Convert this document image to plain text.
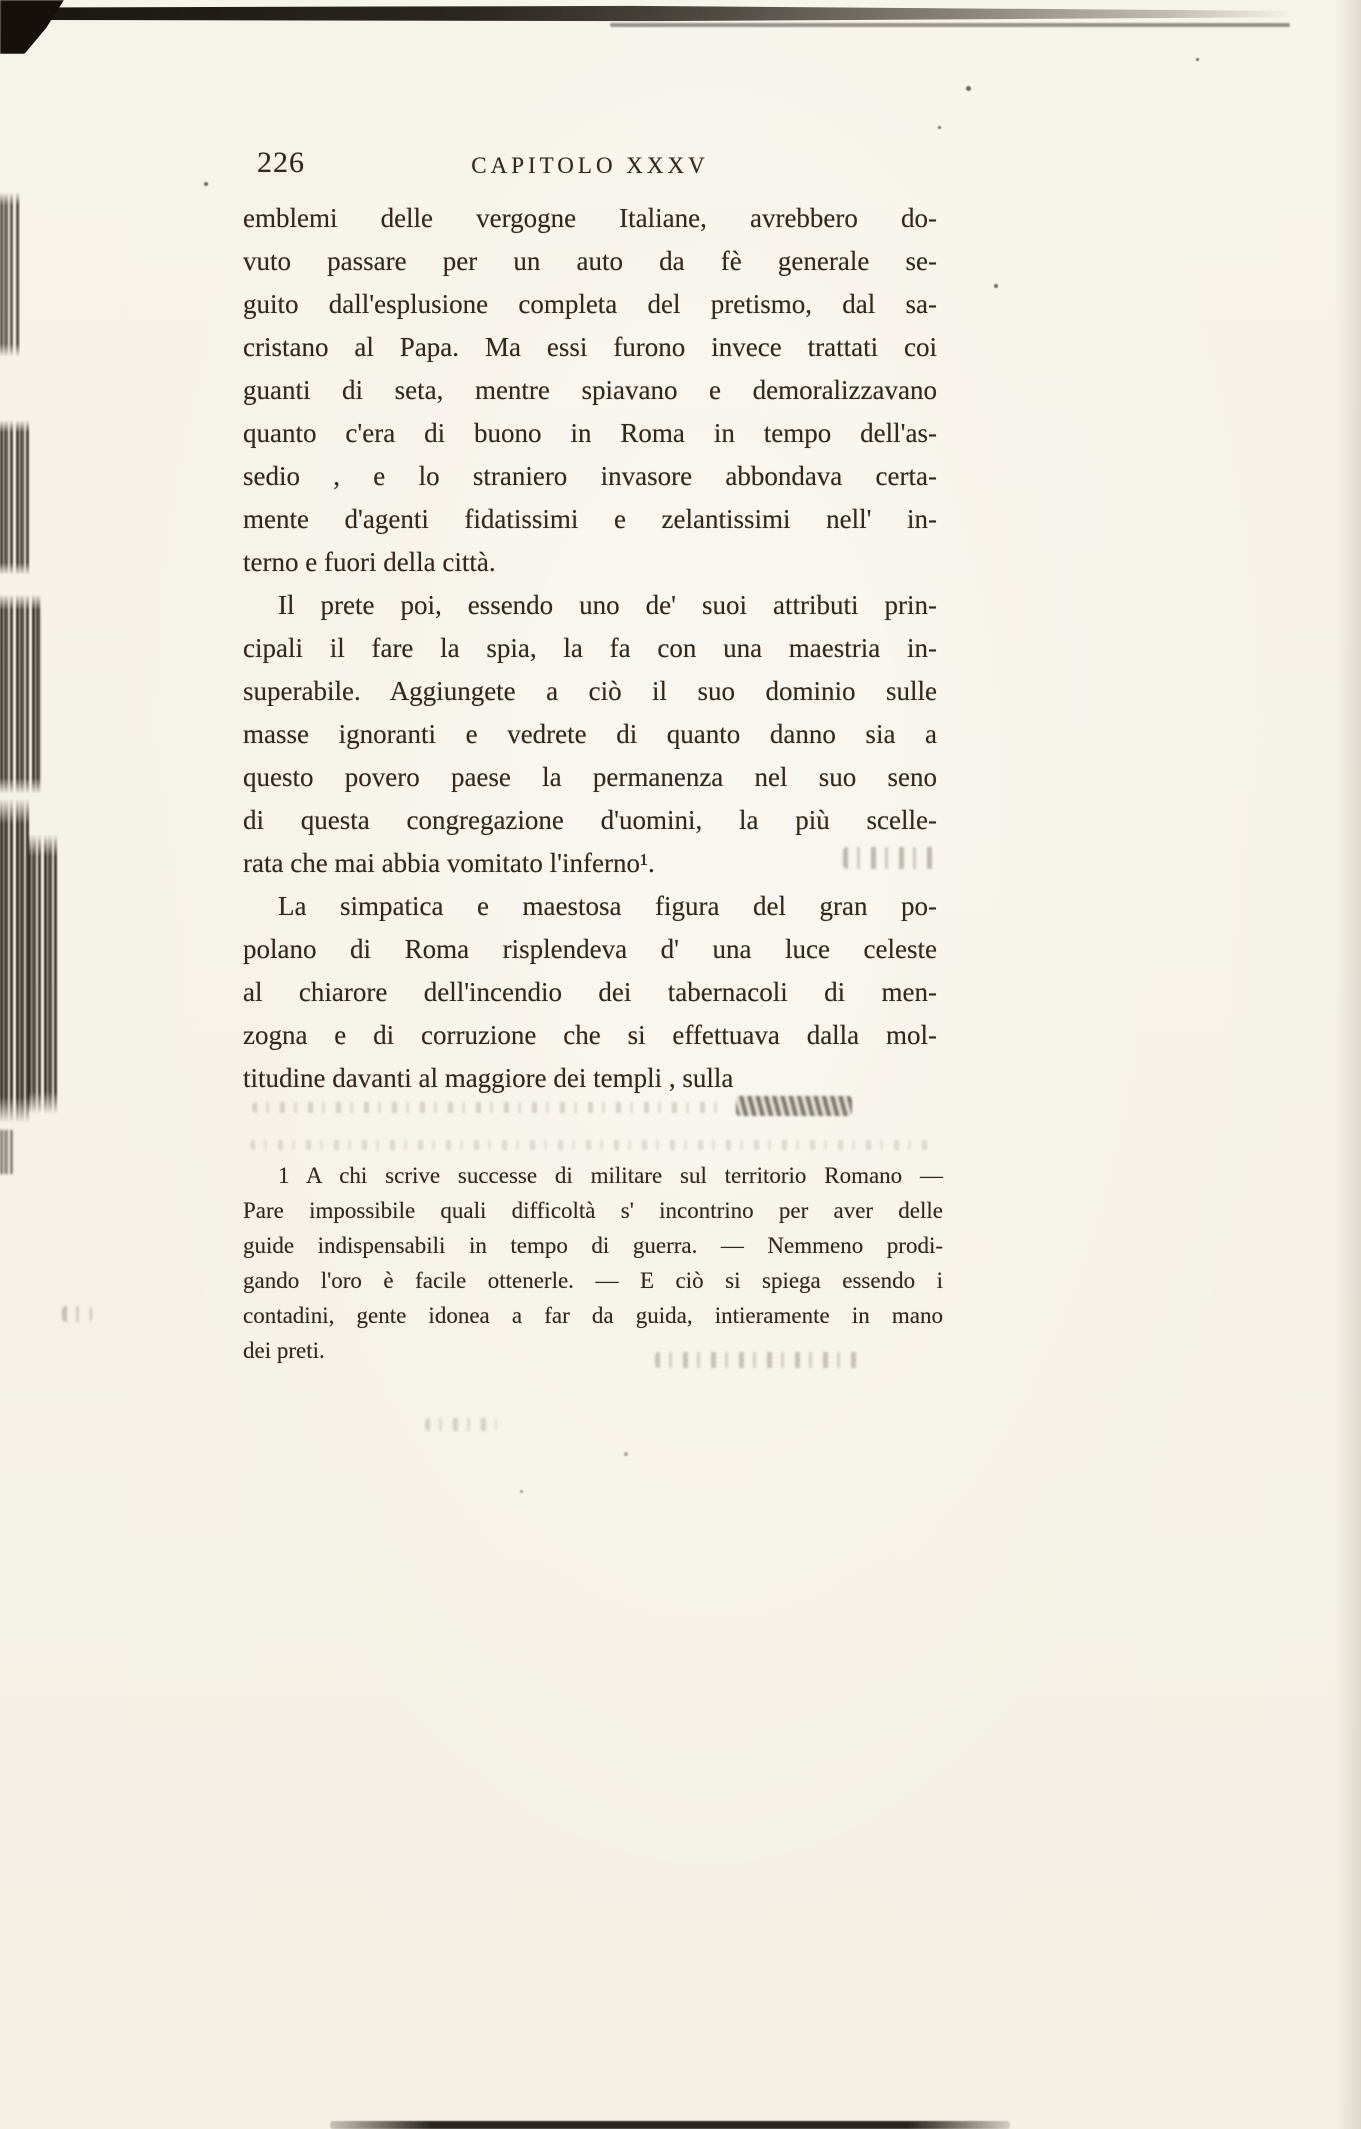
226	CAPITOLO XXXV
emblemi delle vergogne Italiane, avrebbero do-
vuto passare per un auto da fè generale se-
guito dall'esplusione completa del pretismo, dal sa-
cristano al Papa. Ma essi furono invece trattati coi
guanti di seta, mentre spiavano e demoralizzavano
quanto c'era di buono in Roma in tempo dell'as-
sedio , e lo straniero invasore abbondava certa-
mente d'agenti fidatissimi e zelantissimi nell' in-
terno e fuori della città.
Il prete poi, essendo uno de' suoi attributi prin-
cipali il fare la spia, la fa con una maestria in-
superabile. Aggiungete a ciò il suo dominio sulle
masse ignoranti e vedrete di quanto danno sia a
questo povero paese la permanenza nel suo seno
di questa congregazione d'uomini, la più scelle-
rata che mai abbia vomitato l'inferno¹.
La simpatica e maestosa figura del gran po-
polano di Roma risplendeva d' una luce celeste
al chiarore dell'incendio dei tabernacoli di men-
zogna e di corruzione che si effettuava dalla mol-
titudine davanti al maggiore dei templi , sulla
1 A chi scrive successe di militare sul territorio Romano —
Pare impossibile quali difficoltà s' incontrino per aver delle
guide indispensabili in tempo di guerra. — Nemmeno prodi-
gando l'oro è facile ottenerle. — E ciò si spiega essendo i
contadini, gente idonea a far da guida, intieramente in mano
dei preti.
